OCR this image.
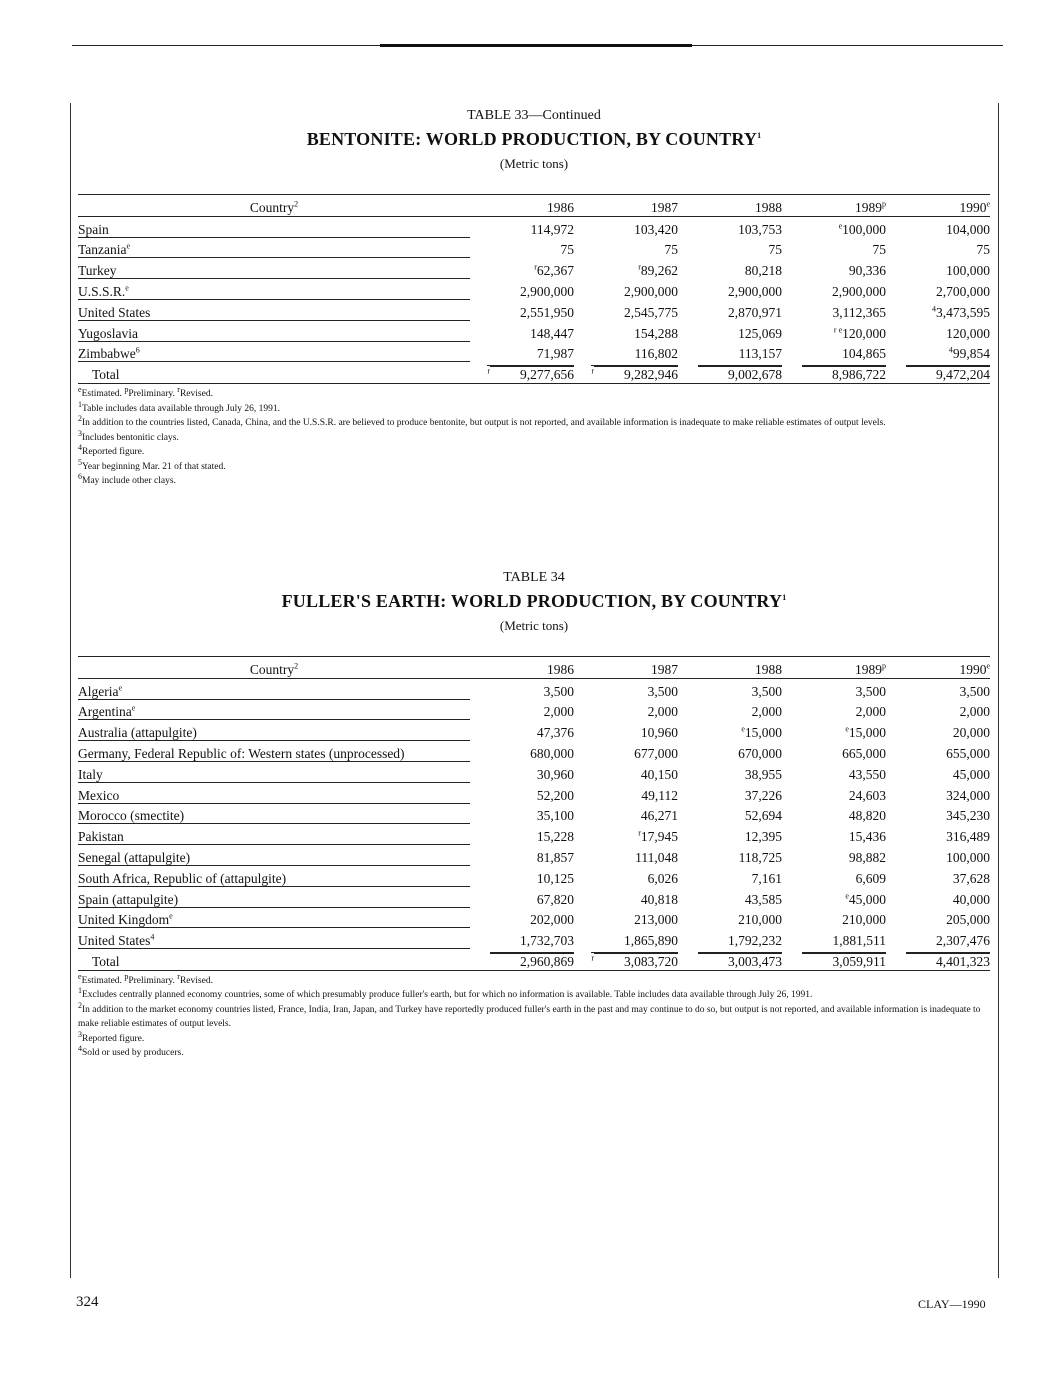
TABLE 33—Continued
BENTONITE: WORLD PRODUCTION, BY COUNTRY$^1$
(Metric tons)
Country$^2$	1986	1987	1988	1989$^p$	1990e
Spain	114,972	103,420	103,753	$^e$100,000	104,000
Tanzania$^e$	75	75	75	75	75
Turkey	$^r$62,367	$^r$89,262	80,218	90,336	100,000
U.S.S.R.$^e$	2,900,000	2,900,000	2,900,000	2,900,000	2,700,000
United States	2,551,950	2,545,775	2,870,971	3,112,365	$^4$3,473,595
Yugoslavia	148,447	154,288	125,069	$^{r e}$120,000	120,000
Zimbabwe$^6$	71,987	116,802	113,157	104,865	$^4$99,854
Total	$^r$ 9,277,656	$^r$ 9,282,946	9,002,678	8,986,722	9,472,204
$^e$Estimated. $^p$Preliminary. $^r$Revised.
$^1$Table includes data available through July 26, 1991.
$^2$In addition to the countries listed, Canada, China, and the U.S.S.R. are believed to produce bentonite, but output is not reported, and available information is inadequate to make reliable estimates of output levels.
$^3$Includes bentonitic clays.
$^4$Reported figure.
$^5$Year beginning Mar. 21 of that stated.
$^6$May include other clays.
TABLE 34
FULLER'S EARTH: WORLD PRODUCTION, BY COUNTRY$^1$
(Metric tons)
Country$^2$	1986	1987	1988	1989$^p$	1990e
Algeria$^e$	3,500	3,500	3,500	3,500	3,500
Argentina$^e$	2,000	2,000	2,000	2,000	2,000
Australia (attapulgite)	47,376	10,960	$^e$15,000	$^e$15,000	20,000
Germany, Federal Republic of: Western states (unprocessed)	680,000	677,000	670,000	665,000	655,000
Italy	30,960	40,150	38,955	43,550	45,000
Mexico	52,200	49,112	37,226	24,603	324,000
Morocco (smectite)	35,100	46,271	52,694	48,820	345,230
Pakistan	15,228	$^r$17,945	12,395	15,436	316,489
Senegal (attapulgite)	81,857	111,048	118,725	98,882	100,000
South Africa, Republic of (attapulgite)	10,125	6,026	7,161	6,609	37,628
Spain (attapulgite)	67,820	40,818	43,585	$^e$45,000	40,000
United Kingdom$^e$	202,000	213,000	210,000	210,000	205,000
United States$^4$	1,732,703	1,865,890	1,792,232	1,881,511	2,307,476
Total	2,960,869	$^r$ 3,083,720	3,003,473	3,059,911	4,401,323
$^e$Estimated. $^p$Preliminary. $^r$Revised.
$^1$Excludes centrally planned economy countries, some of which presumably produce fuller's earth, but for which no information is available. Table includes data available through July 26, 1991.
$^2$In addition to the market economy countries listed, France, India, Iran, Japan, and Turkey have reportedly produced fuller's earth in the past and may continue to do so, but output is not reported, and available information is inadequate to make reliable estimates of output levels.
$^3$Reported figure.
$^4$Sold or used by producers.
324	CLAY—1990
